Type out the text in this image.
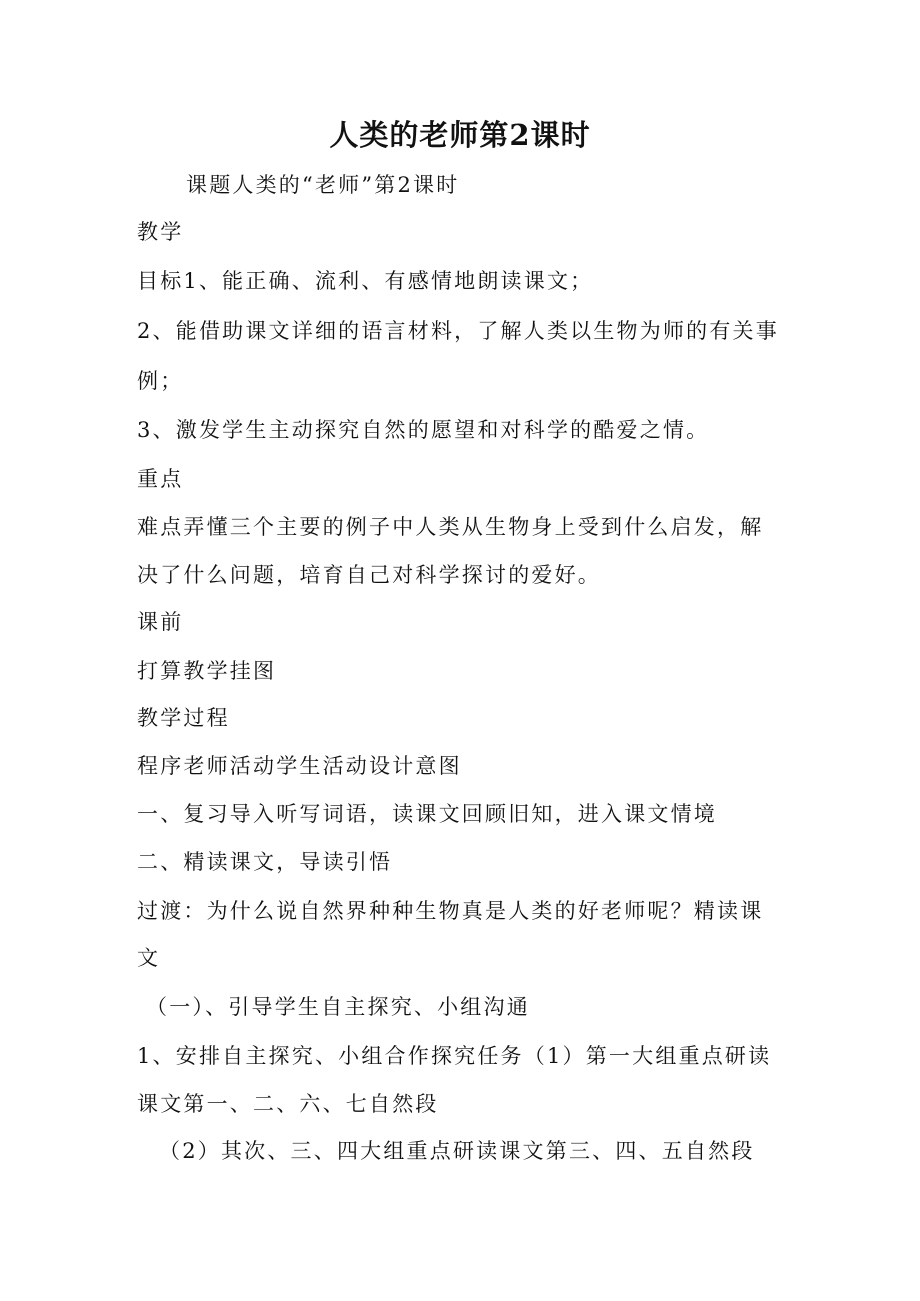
人类的老师第2课时
课题人类的“老师”第2课时
教学
目标1、能正确、流利、有感情地朗读课文；
2、能借助课文详细的语言材料，了解人类以生物为师的有关事
例；
3、激发学生主动探究自然的愿望和对科学的酷爱之情。
重点
难点弄懂三个主要的例子中人类从生物身上受到什么启发，解
决了什么问题，培育自己对科学探讨的爱好。
课前
打算教学挂图
教学过程
程序老师活动学生活动设计意图
一、复习导入听写词语，读课文回顾旧知，进入课文情境
二、精读课文，导读引悟
过渡：为什么说自然界种种生物真是人类的好老师呢？精读课
文
（一）、引导学生自主探究、小组沟通
1、安排自主探究、小组合作探究任务（1）第一大组重点研读
课文第一、二、六、七自然段
（2）其次、三、四大组重点研读课文第三、四、五自然段
